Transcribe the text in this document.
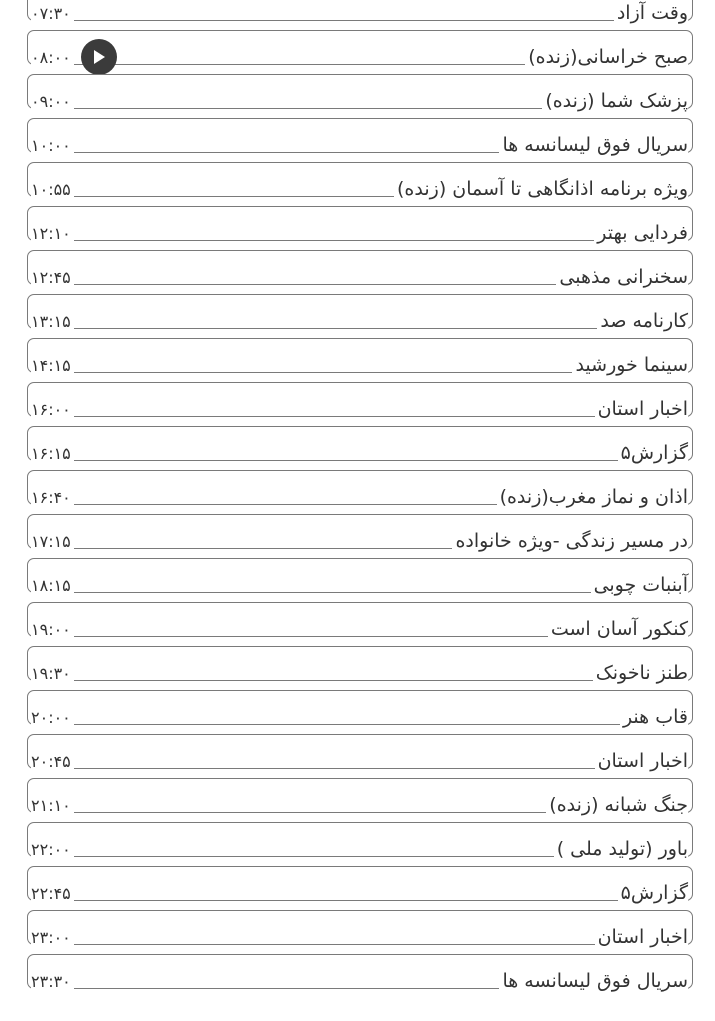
وقت آزاد
۰۷:۳۰
صبح خراسانی(زنده)
۰۸:۰۰
پزشک شما (زنده)
۰۹:۰۰
سریال فوق لیسانسه ها
۱۰:۰۰
ویژه برنامه اذانگاهی تا آسمان (زنده)
۱۰:۵۵
فردایی بهتر
۱۲:۱۰
سخنرانی مذهبی
۱۲:۴۵
کارنامه صد
۱۳:۱۵
سینما خورشید
۱۴:۱۵
اخبار استان
۱۶:۰۰
گزارش۵
۱۶:۱۵
اذان و نماز مغرب(زنده)
۱۶:۴۰
در مسیر زندگی -ویژه خانواده
۱۷:۱۵
آبنبات چوبی
۱۸:۱۵
کنکور آسان است
۱۹:۰۰
طنز ناخونک
۱۹:۳۰
قاب هنر
۲۰:۰۰
اخبار استان
۲۰:۴۵
جنگ شبانه (زنده)
۲۱:۱۰
باور (تولید ملی )
۲۲:۰۰
گزارش۵
۲۲:۴۵
اخبار استان
۲۳:۰۰
سریال فوق لیسانسه ها
۲۳:۳۰
